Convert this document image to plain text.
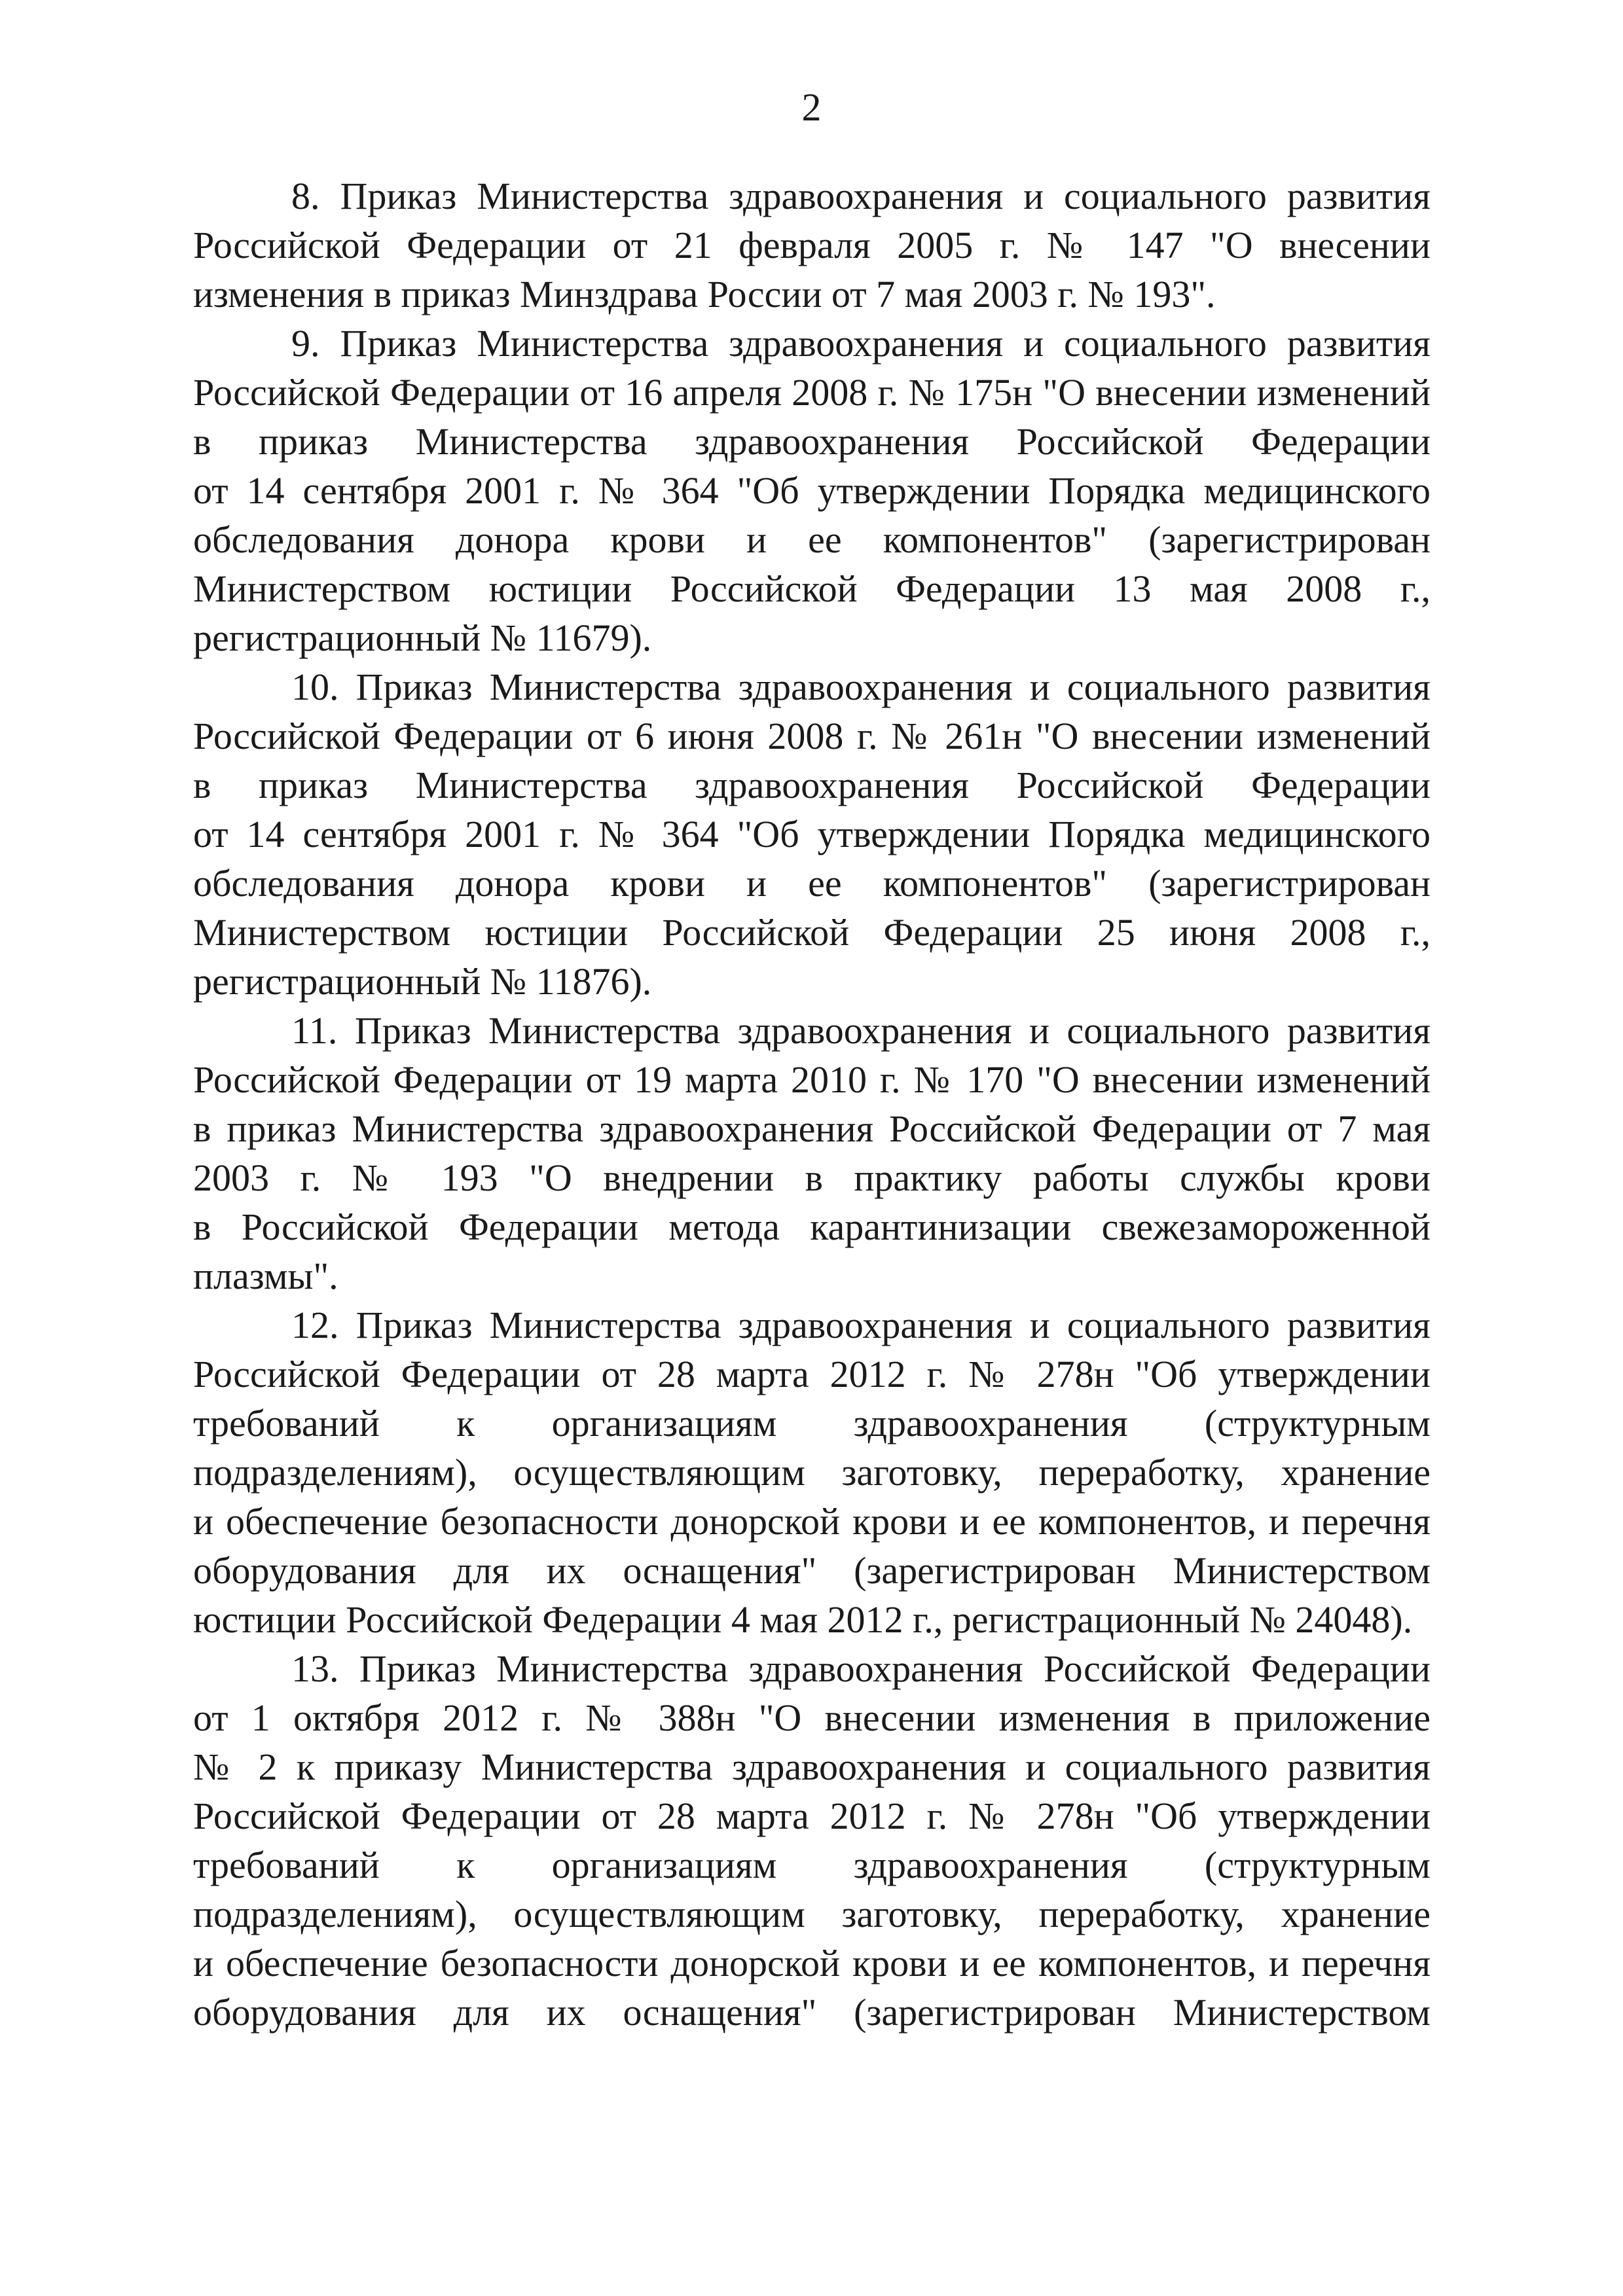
2
8. Приказ Министерства здравоохранения и социального развития
Российской Федерации от 21 февраля 2005 г. № 147 "О внесении
изменения в приказ Минздрава России от 7 мая 2003 г. № 193".
9. Приказ Министерства здравоохранения и социального развития
Российской Федерации от 16 апреля 2008 г. № 175н "О внесении изменений
в приказ Министерства здравоохранения Российской Федерации
от 14 сентября 2001 г. № 364 "Об утверждении Порядка медицинского
обследования донора крови и ее компонентов" (зарегистрирован
Министерством юстиции Российской Федерации 13 мая 2008 г.,
регистрационный № 11679).
10. Приказ Министерства здравоохранения и социального развития
Российской Федерации от 6 июня 2008 г. № 261н "О внесении изменений
в приказ Министерства здравоохранения Российской Федерации
от 14 сентября 2001 г. № 364 "Об утверждении Порядка медицинского
обследования донора крови и ее компонентов" (зарегистрирован
Министерством юстиции Российской Федерации 25 июня 2008 г.,
регистрационный № 11876).
11. Приказ Министерства здравоохранения и социального развития
Российской Федерации от 19 марта 2010 г. № 170 "О внесении изменений
в приказ Министерства здравоохранения Российской Федерации от 7 мая
2003 г. № 193 "О внедрении в практику работы службы крови
в Российской Федерации метода карантинизации свежезамороженной
плазмы".
12. Приказ Министерства здравоохранения и социального развития
Российской Федерации от 28 марта 2012 г. № 278н "Об утверждении
требований к организациям здравоохранения (структурным
подразделениям), осуществляющим заготовку, переработку, хранение
и обеспечение безопасности донорской крови и ее компонентов, и перечня
оборудования для их оснащения" (зарегистрирован Министерством
юстиции Российской Федерации 4 мая 2012 г., регистрационный № 24048).
13. Приказ Министерства здравоохранения Российской Федерации
от 1 октября 2012 г. № 388н "О внесении изменения в приложение
№ 2 к приказу Министерства здравоохранения и социального развития
Российской Федерации от 28 марта 2012 г. № 278н "Об утверждении
требований к организациям здравоохранения (структурным
подразделениям), осуществляющим заготовку, переработку, хранение
и обеспечение безопасности донорской крови и ее компонентов, и перечня
оборудования для их оснащения" (зарегистрирован Министерством
